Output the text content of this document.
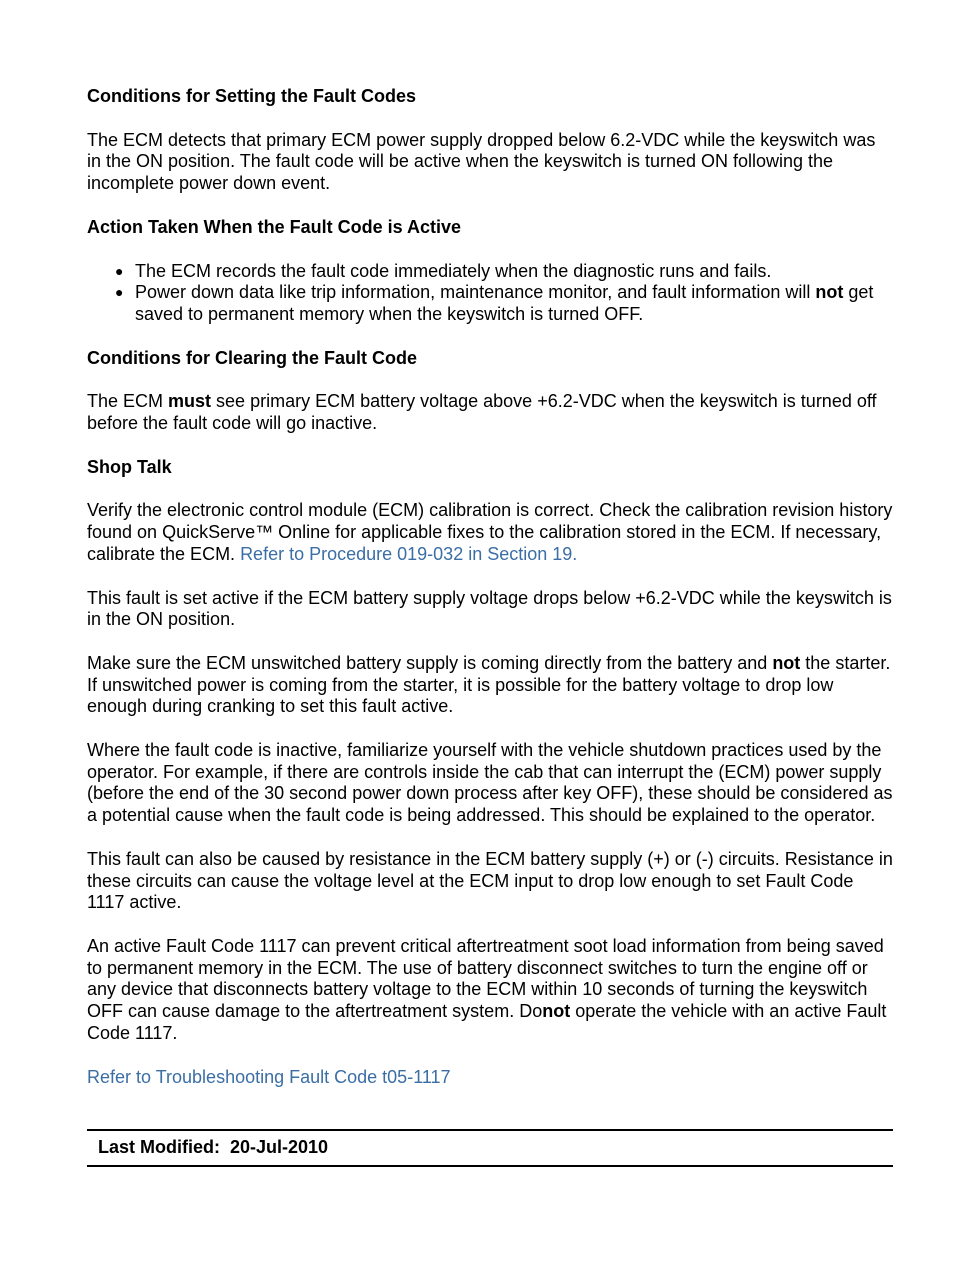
Conditions for Setting the Fault Codes

The ECM detects that primary ECM power supply dropped below 6.2-VDC while the keyswitch was in the ON position. The fault code will be active when the keyswitch is turned ON following the incomplete power down event.

Action Taken When the Fault Code is Active
● The ECM records the fault code immediately when the diagnostic runs and fails.
● Power down data like trip information, maintenance monitor, and fault information will not get saved to permanent memory when the keyswitch is turned OFF.
Conditions for Clearing the Fault Code

The ECM must see primary ECM battery voltage above +6.2-VDC when the keyswitch is turned off before the fault code will go inactive.

Shop Talk

Verify the electronic control module (ECM) calibration is correct. Check the calibration revision history found on QuickServe™ Online for applicable fixes to the calibration stored in the ECM. If necessary, calibrate the ECM. Refer to Procedure 019-032 in Section 19.

This fault is set active if the ECM battery supply voltage drops below +6.2-VDC while the keyswitch is in the ON position.

Make sure the ECM unswitched battery supply is coming directly from the battery and not the starter. If unswitched power is coming from the starter, it is possible for the battery voltage to drop low enough during cranking to set this fault active.

Where the fault code is inactive, familiarize yourself with the vehicle shutdown practices used by the operator. For example, if there are controls inside the cab that can interrupt the (ECM) power supply (before the end of the 30 second power down process after key OFF), these should be considered as a potential cause when the fault code is being addressed. This should be explained to the operator.

This fault can also be caused by resistance in the ECM battery supply (+) or (-) circuits. Resistance in these circuits can cause the voltage level at the ECM input to drop low enough to set Fault Code 1117 active.

An active Fault Code 1117 can prevent critical aftertreatment soot load information from being saved to permanent memory in the ECM. The use of battery disconnect switches to turn the engine off or any device that disconnects battery voltage to the ECM within 10 seconds of turning the keyswitch OFF can cause damage to the aftertreatment system. Donot operate the vehicle with an active Fault Code 1117.

Refer to Troubleshooting Fault Code t05-1117

Last Modified:  20-Jul-2010
